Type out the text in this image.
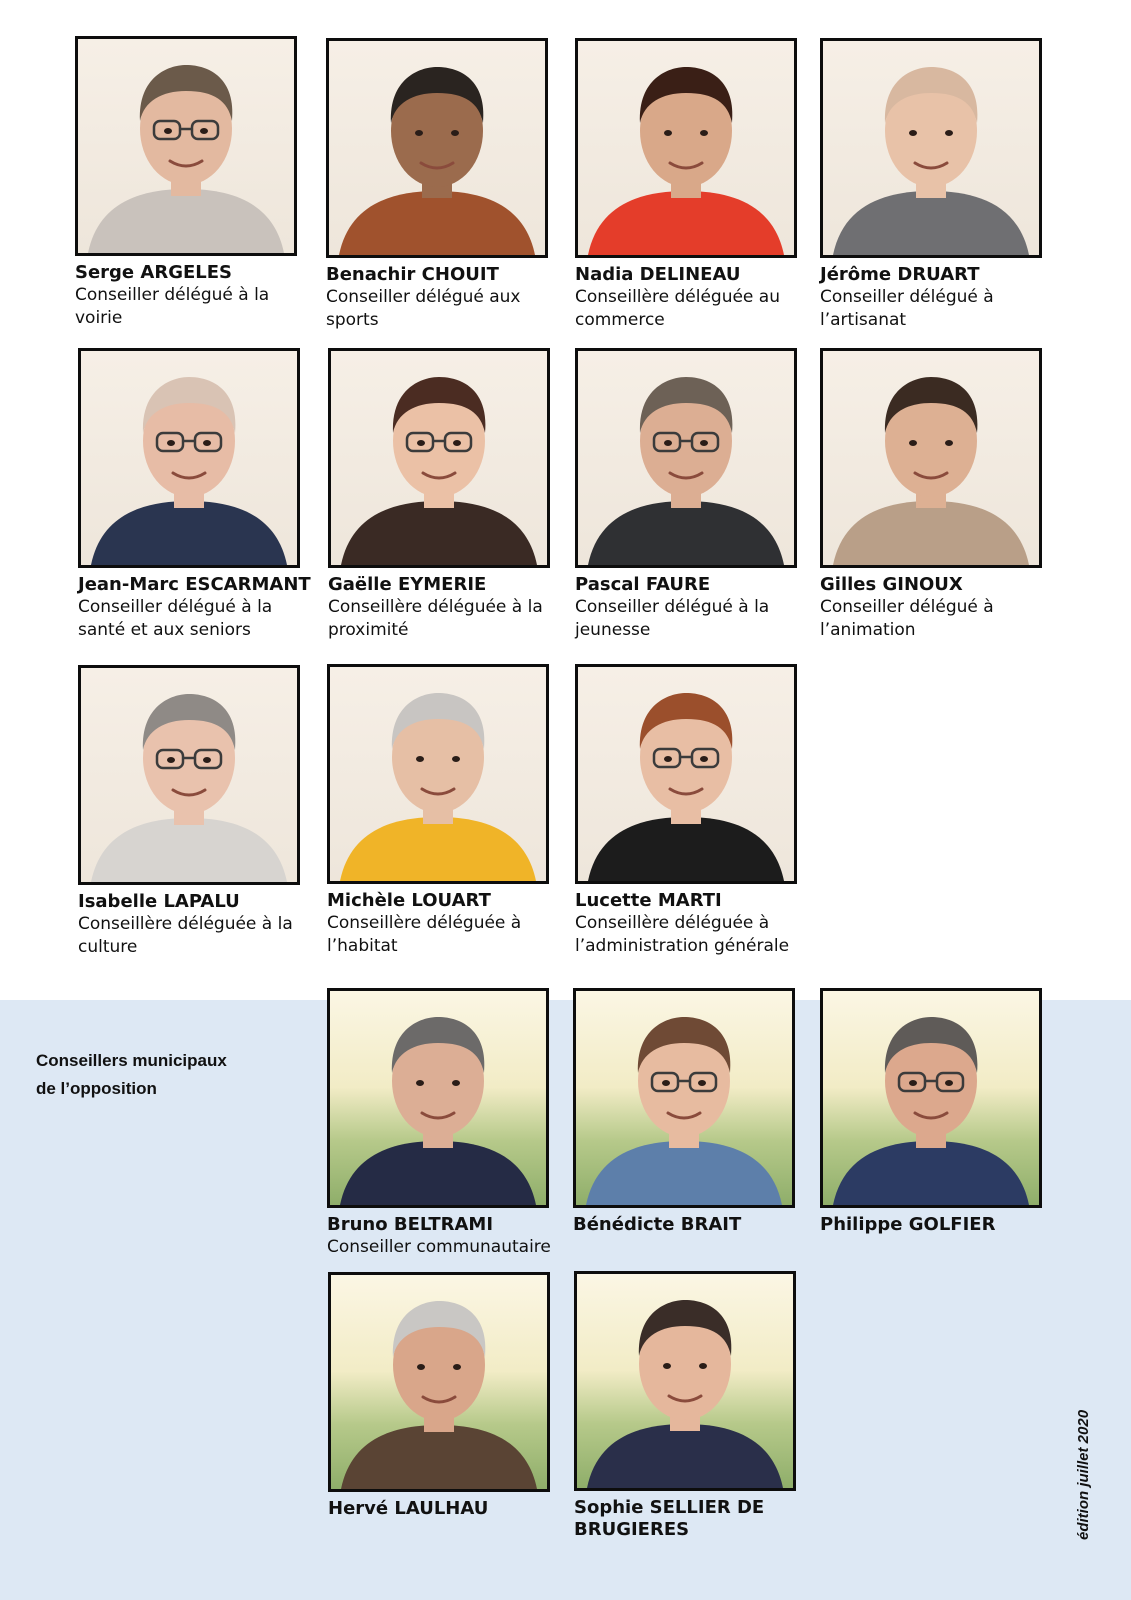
Serge ARGELES
Conseiller délégué à la voirie
Benachir CHOUIT
Conseiller délégué aux sports
Nadia DELINEAU
Conseillère déléguée au commerce
Jérôme DRUART
Conseiller délégué à l’artisanat
Jean-Marc ESCARMANT
Conseiller délégué à la santé et aux seniors
Gaëlle EYMERIE
Conseillère déléguée à la proximité
Pascal FAURE
Conseiller délégué à la jeunesse
Gilles GINOUX
Conseiller délégué à l’animation
Isabelle LAPALU
Conseillère déléguée à la culture
Michèle LOUART
Conseillère déléguée à l’habitat
Lucette MARTI
Conseillère déléguée à l’administration générale
Conseillers municipaux
de l’opposition
Bruno BELTRAMI
Conseiller communautaire
Bénédicte BRAIT	Philippe GOLFIER
Hervé LAULHAU	Sophie SELLIER DE BRUGIERES	édition juillet 2020
